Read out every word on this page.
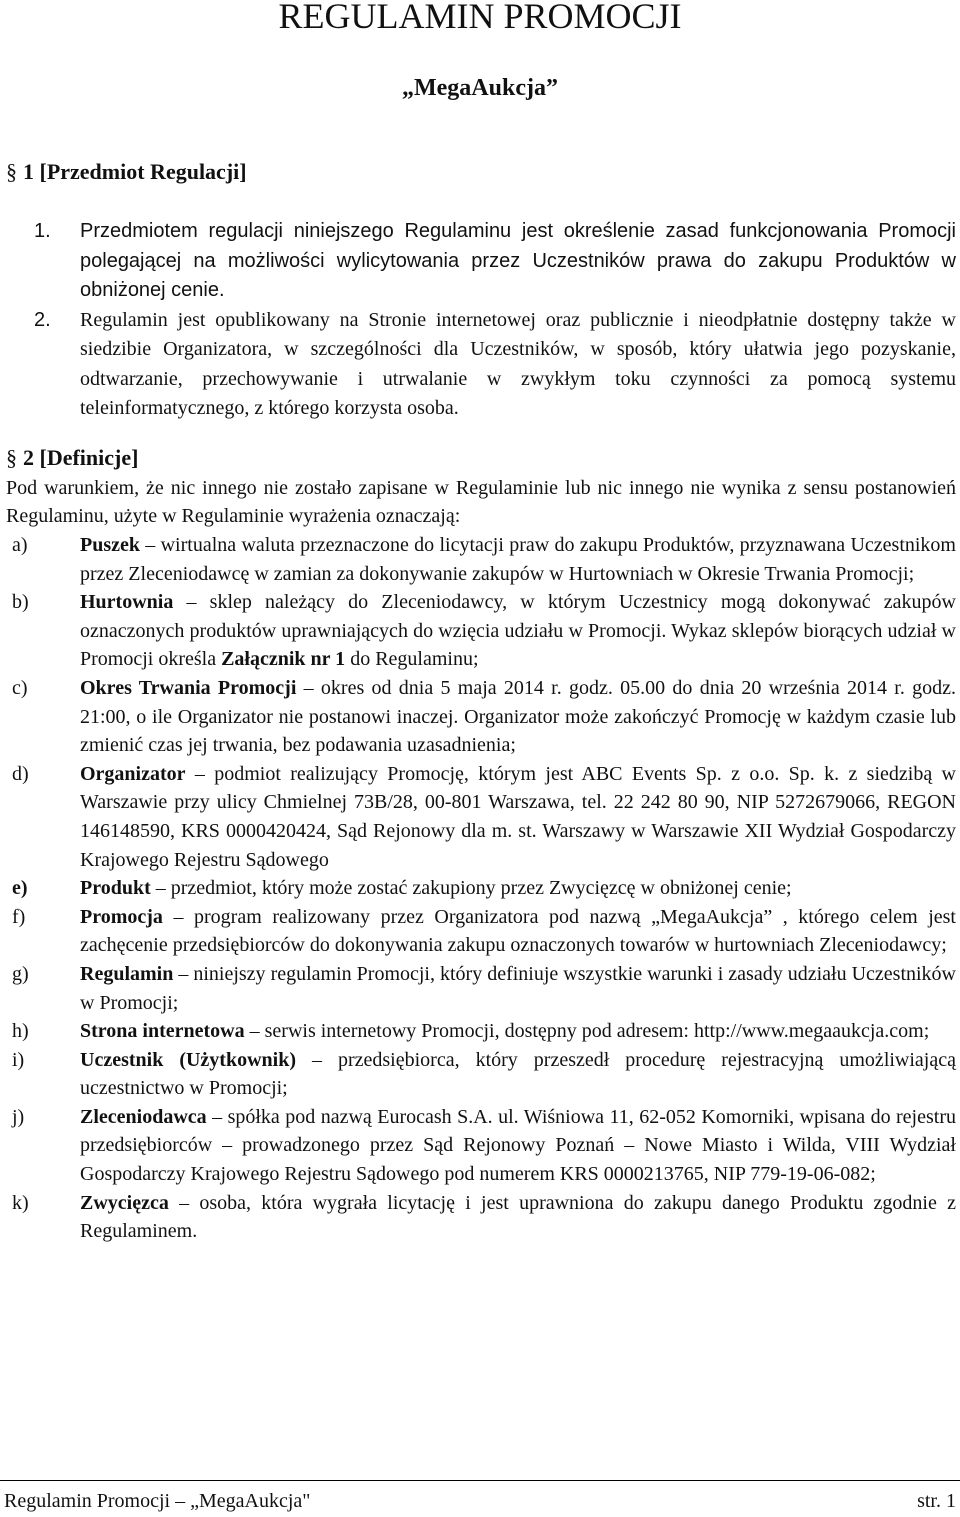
REGULAMIN PROMOCJI
„MegaAukcja”
§ 1 [Przedmiot Regulacji]
1. Przedmiotem regulacji niniejszego Regulaminu jest określenie zasad funkcjonowania Promocji polegającej na możliwości wylicytowania przez Uczestników prawa do zakupu Produktów w obniżonej cenie.
2. Regulamin jest opublikowany na Stronie internetowej oraz publicznie i nieodpłatnie dostępny także w siedzibie Organizatora, w szczególności dla Uczestników, w sposób, który ułatwia jego pozyskanie, odtwarzanie, przechowywanie i utrwalanie w zwykłym toku czynności za pomocą systemu teleinformatycznego, z którego korzysta osoba.
§ 2 [Definicje]

Pod warunkiem, że nic innego nie zostało zapisane w Regulaminie lub nic innego nie wynika z sensu postanowień Regulaminu, użyte w Regulaminie wyrażenia oznaczają:

a)	Puszek – wirtualna waluta przeznaczone do licytacji praw do zakupu Produktów, przyznawana Uczestnikom przez Zleceniodawcę w zamian za dokonywanie zakupów w Hurtowniach w Okresie Trwania Promocji;
b)	Hurtownia – sklep należący do Zleceniodawcy, w którym Uczestnicy mogą dokonywać zakupów oznaczonych produktów uprawniających do wzięcia udziału w Promocji. Wykaz sklepów biorących udział w Promocji określa Załącznik nr 1 do Regulaminu;
c)	Okres Trwania Promocji – okres od dnia 5 maja 2014 r. godz. 05.00 do dnia 20 września 2014 r. godz. 21:00, o ile Organizator nie postanowi inaczej. Organizator może zakończyć Promocję w każdym czasie lub zmienić czas jej trwania, bez podawania uzasadnienia;
d)	Organizator – podmiot realizujący Promocję, którym jest ABC Events Sp. z o.o. Sp. k. z siedzibą w Warszawie przy ulicy Chmielnej 73B/28, 00-801 Warszawa, tel. 22 242 80 90, NIP 5272679066, REGON 146148590, KRS 0000420424, Sąd Rejonowy dla m. st. Warszawy w Warszawie XII Wydział Gospodarczy Krajowego Rejestru Sądowego
e)	Produkt – przedmiot, który może zostać zakupiony przez Zwycięzcę w obniżonej cenie;
f)	Promocja – program realizowany przez Organizatora pod nazwą „MegaAukcja” , którego celem jest zachęcenie przedsiębiorców do dokonywania zakupu oznaczonych towarów w hurtowniach Zleceniodawcy;
g)	Regulamin – niniejszy regulamin Promocji, który definiuje wszystkie warunki i zasady udziału Uczestników w Promocji;
h)	Strona internetowa – serwis internetowy Promocji, dostępny pod adresem: http://www.megaaukcja.com;
i)	Uczestnik (Użytkownik) – przedsiębiorca, który przeszedł procedurę rejestracyjną umożliwiającą uczestnictwo w Promocji;
j)	Zleceniodawca – spółka pod nazwą Eurocash S.A. ul. Wiśniowa 11, 62-052 Komorniki, wpisana do rejestru przedsiębiorców – prowadzonego przez Sąd Rejonowy Poznań – Nowe Miasto i Wilda, VIII Wydział Gospodarczy Krajowego Rejestru Sądowego pod numerem KRS 0000213765, NIP 779-19-06-082;
k)	Zwycięzca – osoba, która wygrała licytację i jest uprawniona do zakupu danego Produktu zgodnie z Regulaminem.
Regulamin Promocji – „MegaAukcja"	str. 1
